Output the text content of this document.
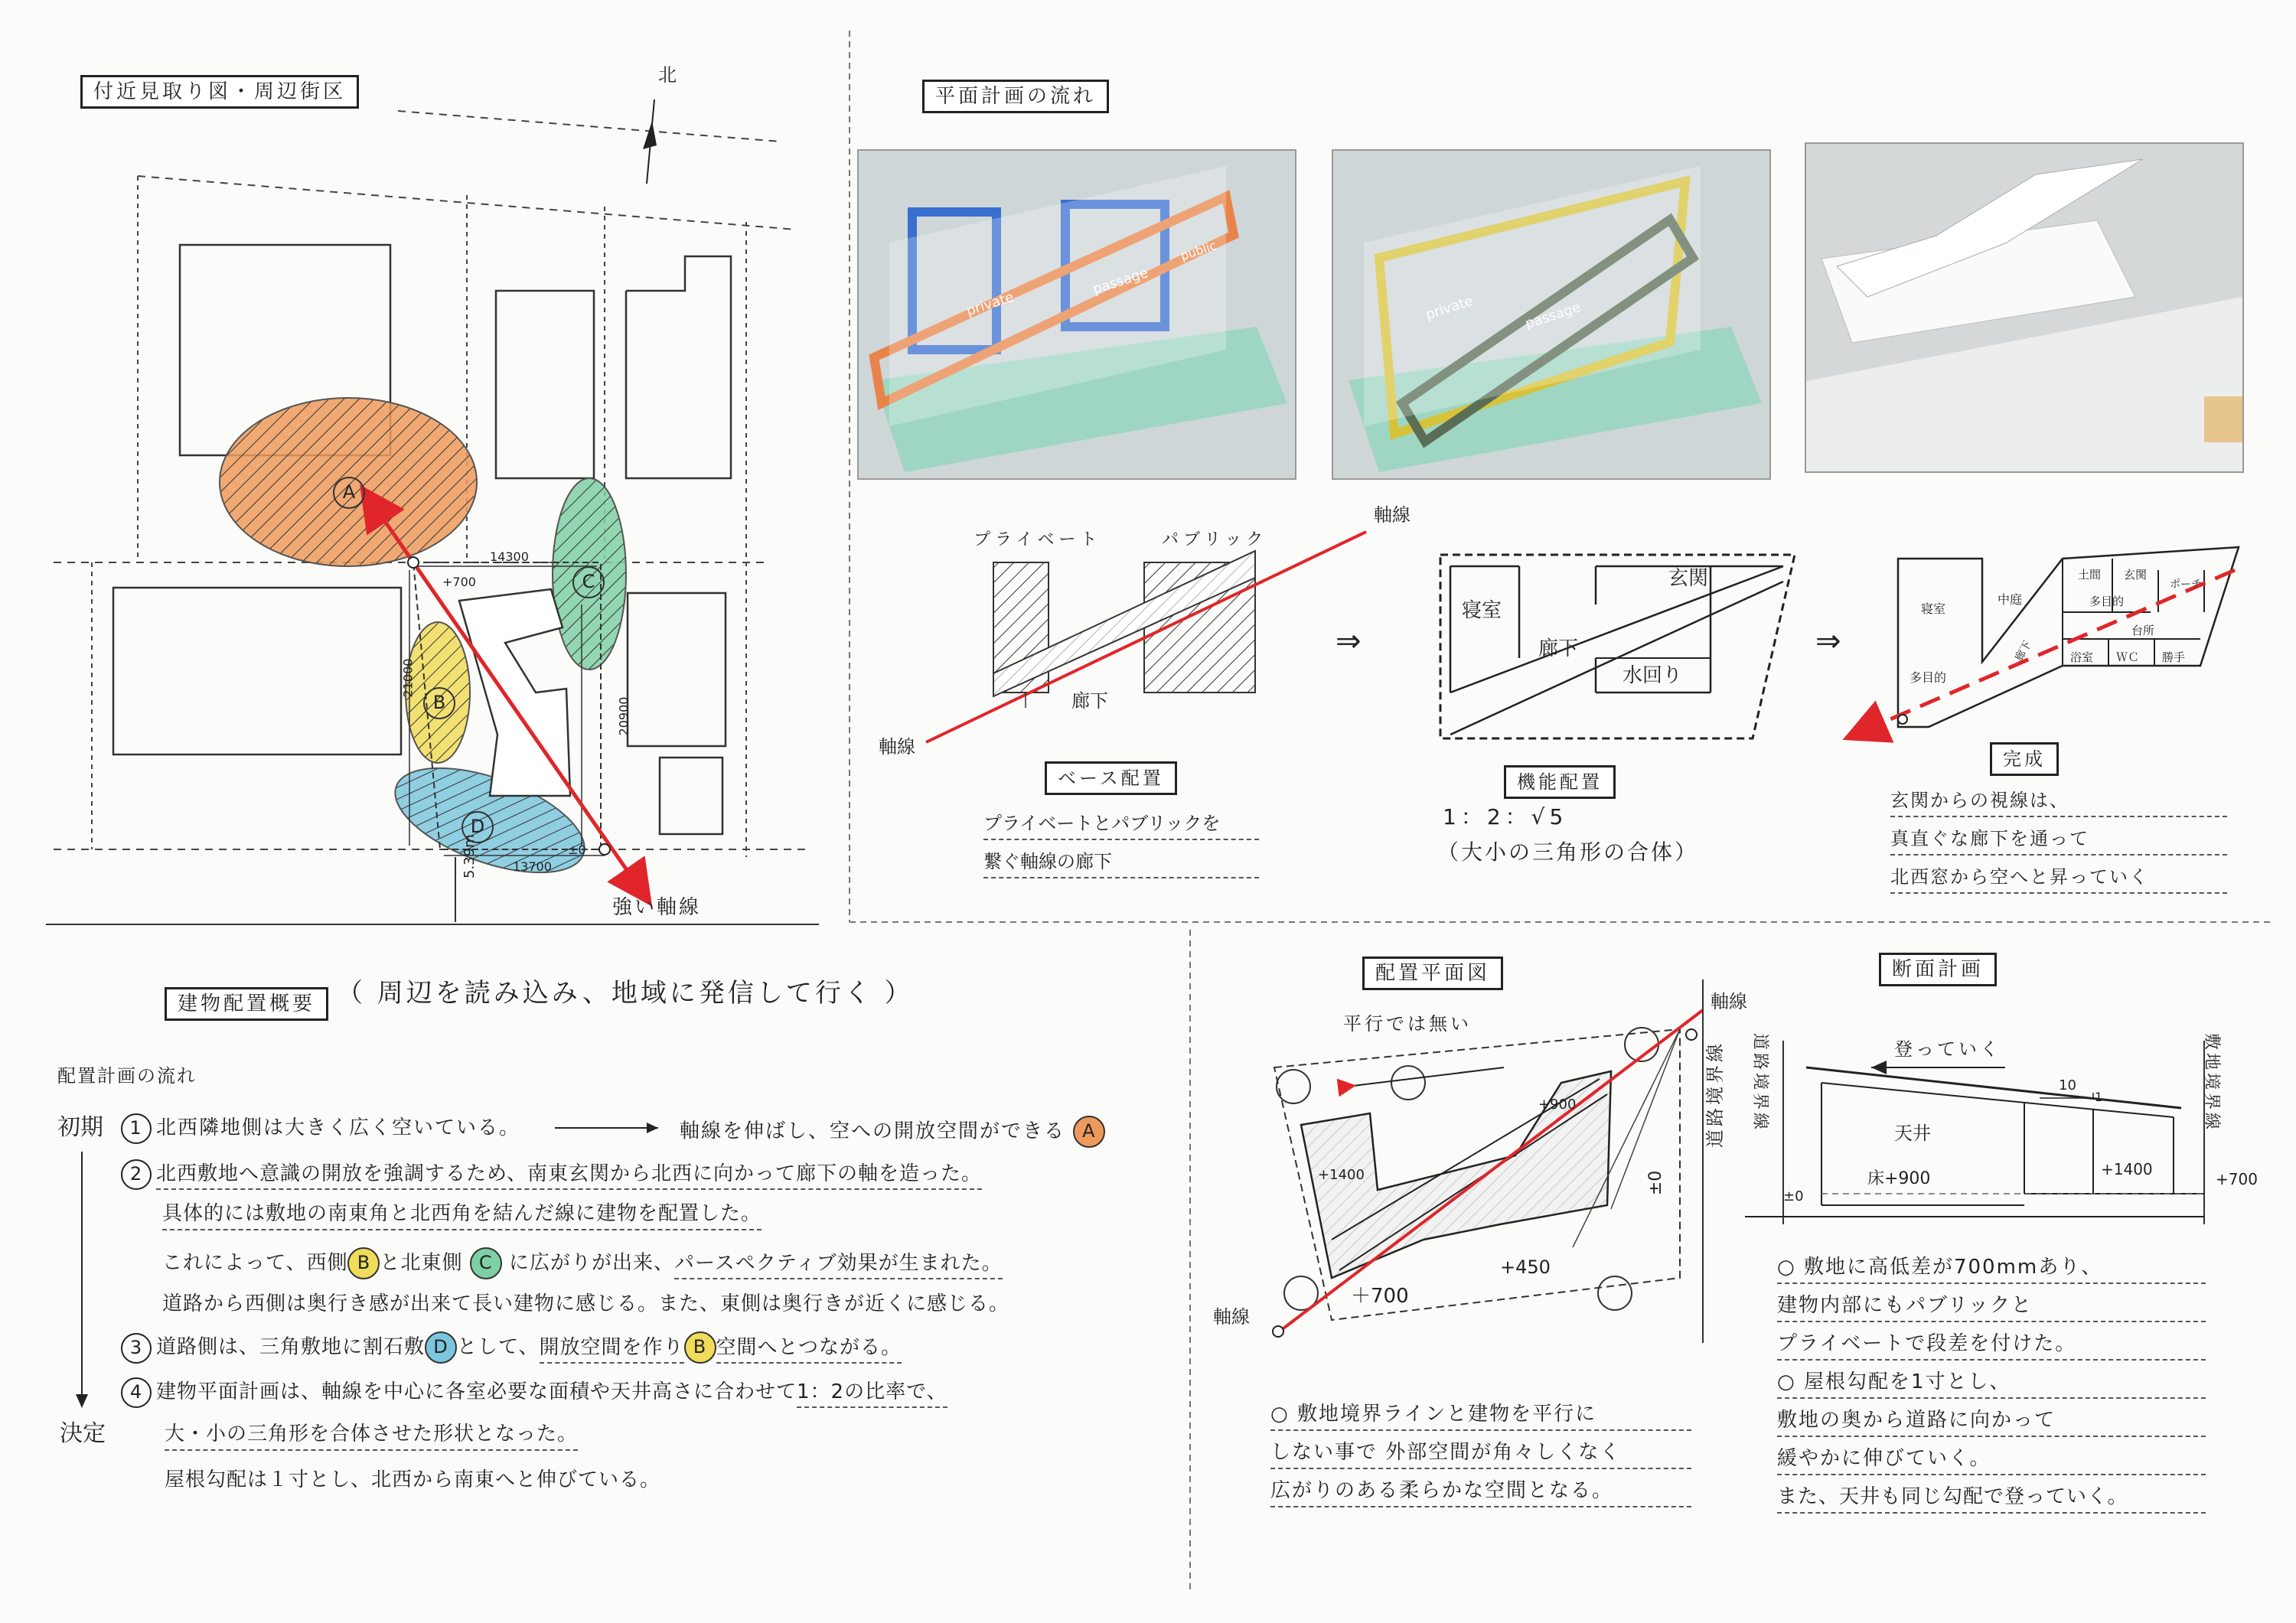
付近見取り図・周辺街区
北
A
B
C
D
14300
+700
21000
20900
13700
±0
5.39m
強い軸線
平面計画の流れ
private
passage
public
private	passage
プライベート	パブリック
軸線
軸線
廊下
ベース配置
プライベートとパブリックを
繋ぐ軸線の廊下
⇒
寝室
玄関
廊下
水回り
機能配置
1：2：√5
（大小の三角形の合体）
⇒
寝室
中庭
土間 玄関
ポーチ
多目的
台所
浴室 ＷＣ 勝手
多目的
廊下
完成
玄関からの視線は、
真直ぐな廊下を通って
北西窓から空へと昇っていく
建物配置概要 （ 周辺を読み込み、地域に発信して行く ）
配置計画の流れ
初期
決定
1 北西隣地側は大きく広く空いている。	軸線を伸ばし、空への開放空間ができる A
2 北西敷地へ意識の開放を強調するため、南東玄関から北西に向かって廊下の軸を造った。
具体的には敷地の南東角と北西角を結んだ線に建物を配置した。
これによって、西側 B と北東側 C に広がりが出来、パースペクティブ効果が生まれた。
道路から西側は奥行き感が出来て長い建物に感じる。また、東側は奥行きが近くに感じる。
3 道路側は、三角敷地に割石敷 D として、開放空間を作り B 空間へとつながる。
4 建物平面計画は、軸線を中心に各室必要な面積や天井高さに合わせて1：2の比率で、
大・小の三角形を合体させた形状となった。
屋根勾配は１寸とし、北西から南東へと伸びている。
配置平面図
平行では無い
軸線
軸線
道路境界線
+900
+1400
+450
＋700
±0
○ 敷地境界ラインと建物を平行に
しない事で 外部空間が角々しくなく
広がりのある柔らかな空間となる。
断面計画
登っていく
10
1
道路境界線	敷地境界線
天井
床+900	+1400
±0
+700
○ 敷地に高低差が700mmあり、
建物内部にもパブリックと
プライベートで段差を付けた。
○ 屋根勾配を1寸とし、
敷地の奥から道路に向かって
緩やかに伸びていく。
また、天井も同じ勾配で登っていく。
